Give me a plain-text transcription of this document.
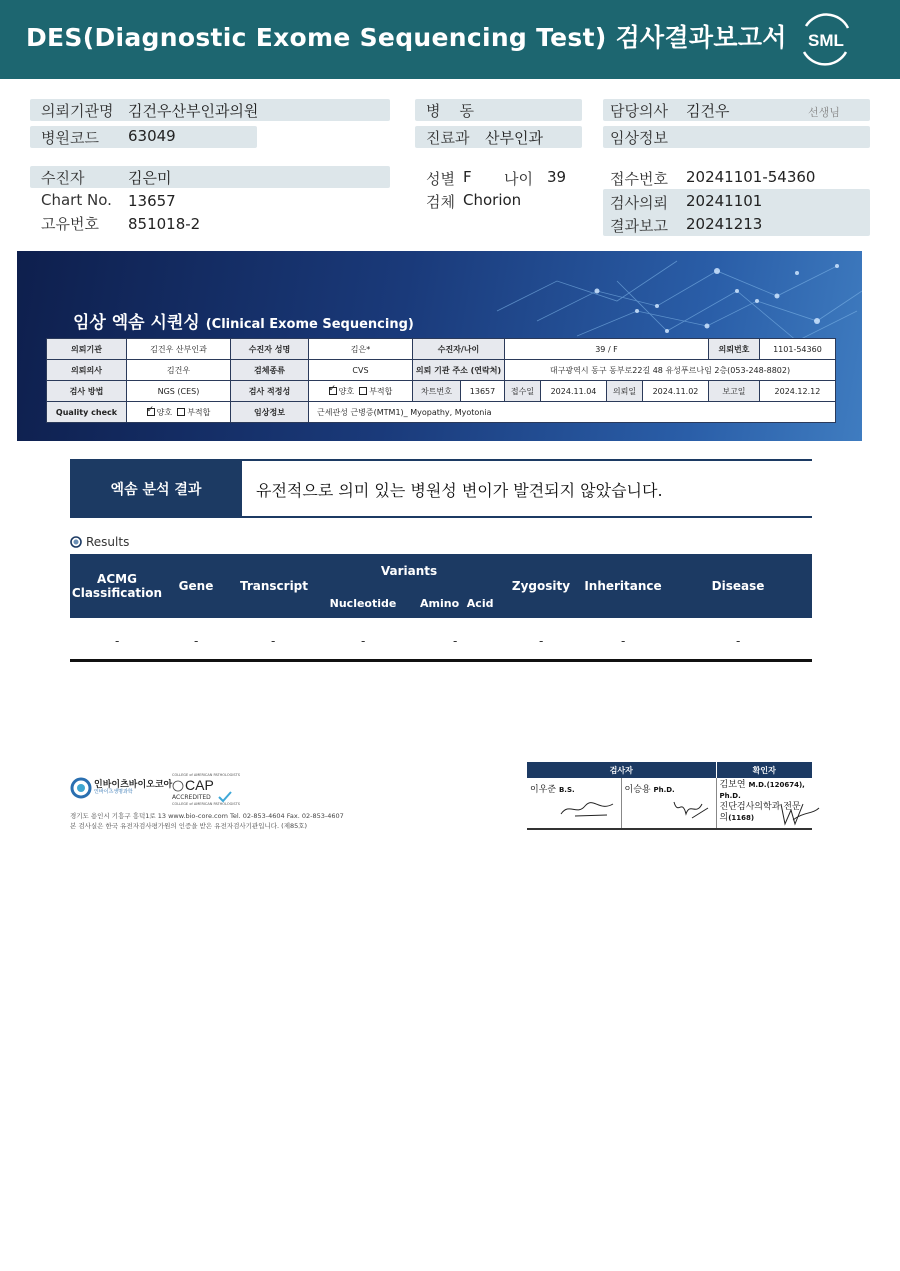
DES(Diagnostic Exome Sequencing Test) 검사결과보고서 SML
의뢰기관명 김건우산부인과의원
병원코드 63049
병    동
진료과 산부인과
담당의사 김건우	선생님
임상정보
수진자	김은미
Chart No. 13657
고유번호 851018-2
성별 F 나이 39
검체 Chorion
접수번호 20241101-54360
검사의뢰 20241101
결과보고 20241213
임상 엑솜 시퀀싱 (Clinical Exome Sequencing)
의뢰기관	김건우 산부인과	수진자 성명	김은*	수진자/나이		39 / F				의뢰번호	1101-54360
의뢰의사	김건우	검체종류	CVS	의뢰 기관 주소 (연락처)		대구광역시 동구 동부로22길 48 유성푸르나임 2층(053-248-8802)					
검사 방법	NGS (CES)	검사 적정성	✓양호 부적합	차트번호	13657	접수일	2024.11.04	의뢰일	2024.11.02	보고일	2024.12.12
Quality check	✓양호 부적합	임상정보	근세관성 근병증(MTM1)_ Myopathy, Myotonia								
엑솜 분석 결과	유전적으로 의미 있는 병원성 변이가 발견되지 않았습니다.
Results
ACMG
Classification	Gene	Transcript
Variants
Nucleotide Amino  Acid
Zygosity	Inheritance	Disease
-	-	-	-	-	-	-	-
인바이츠바이오코아
인바이츠생명과학
COLLEGE of AMERICAN PATHOLOGISTS
CAP
ACCREDITED
COLLEGE of AMERICAN PATHOLOGISTS
경기도 용인시 기흥구 흥덕1로 13 www.bio-core.com Tel. 02-853-4604 Fax. 02-853-4607
본 검사실은 한국 유전자검사평가원의 인증을 받은 유전자검사기관입니다. (제85호)
검사자		확인자
이우준 B.S.	이승용 Ph.D.	김보연 M.D.(120674), Ph.D.
진단검사의학과 전문의(1168)
